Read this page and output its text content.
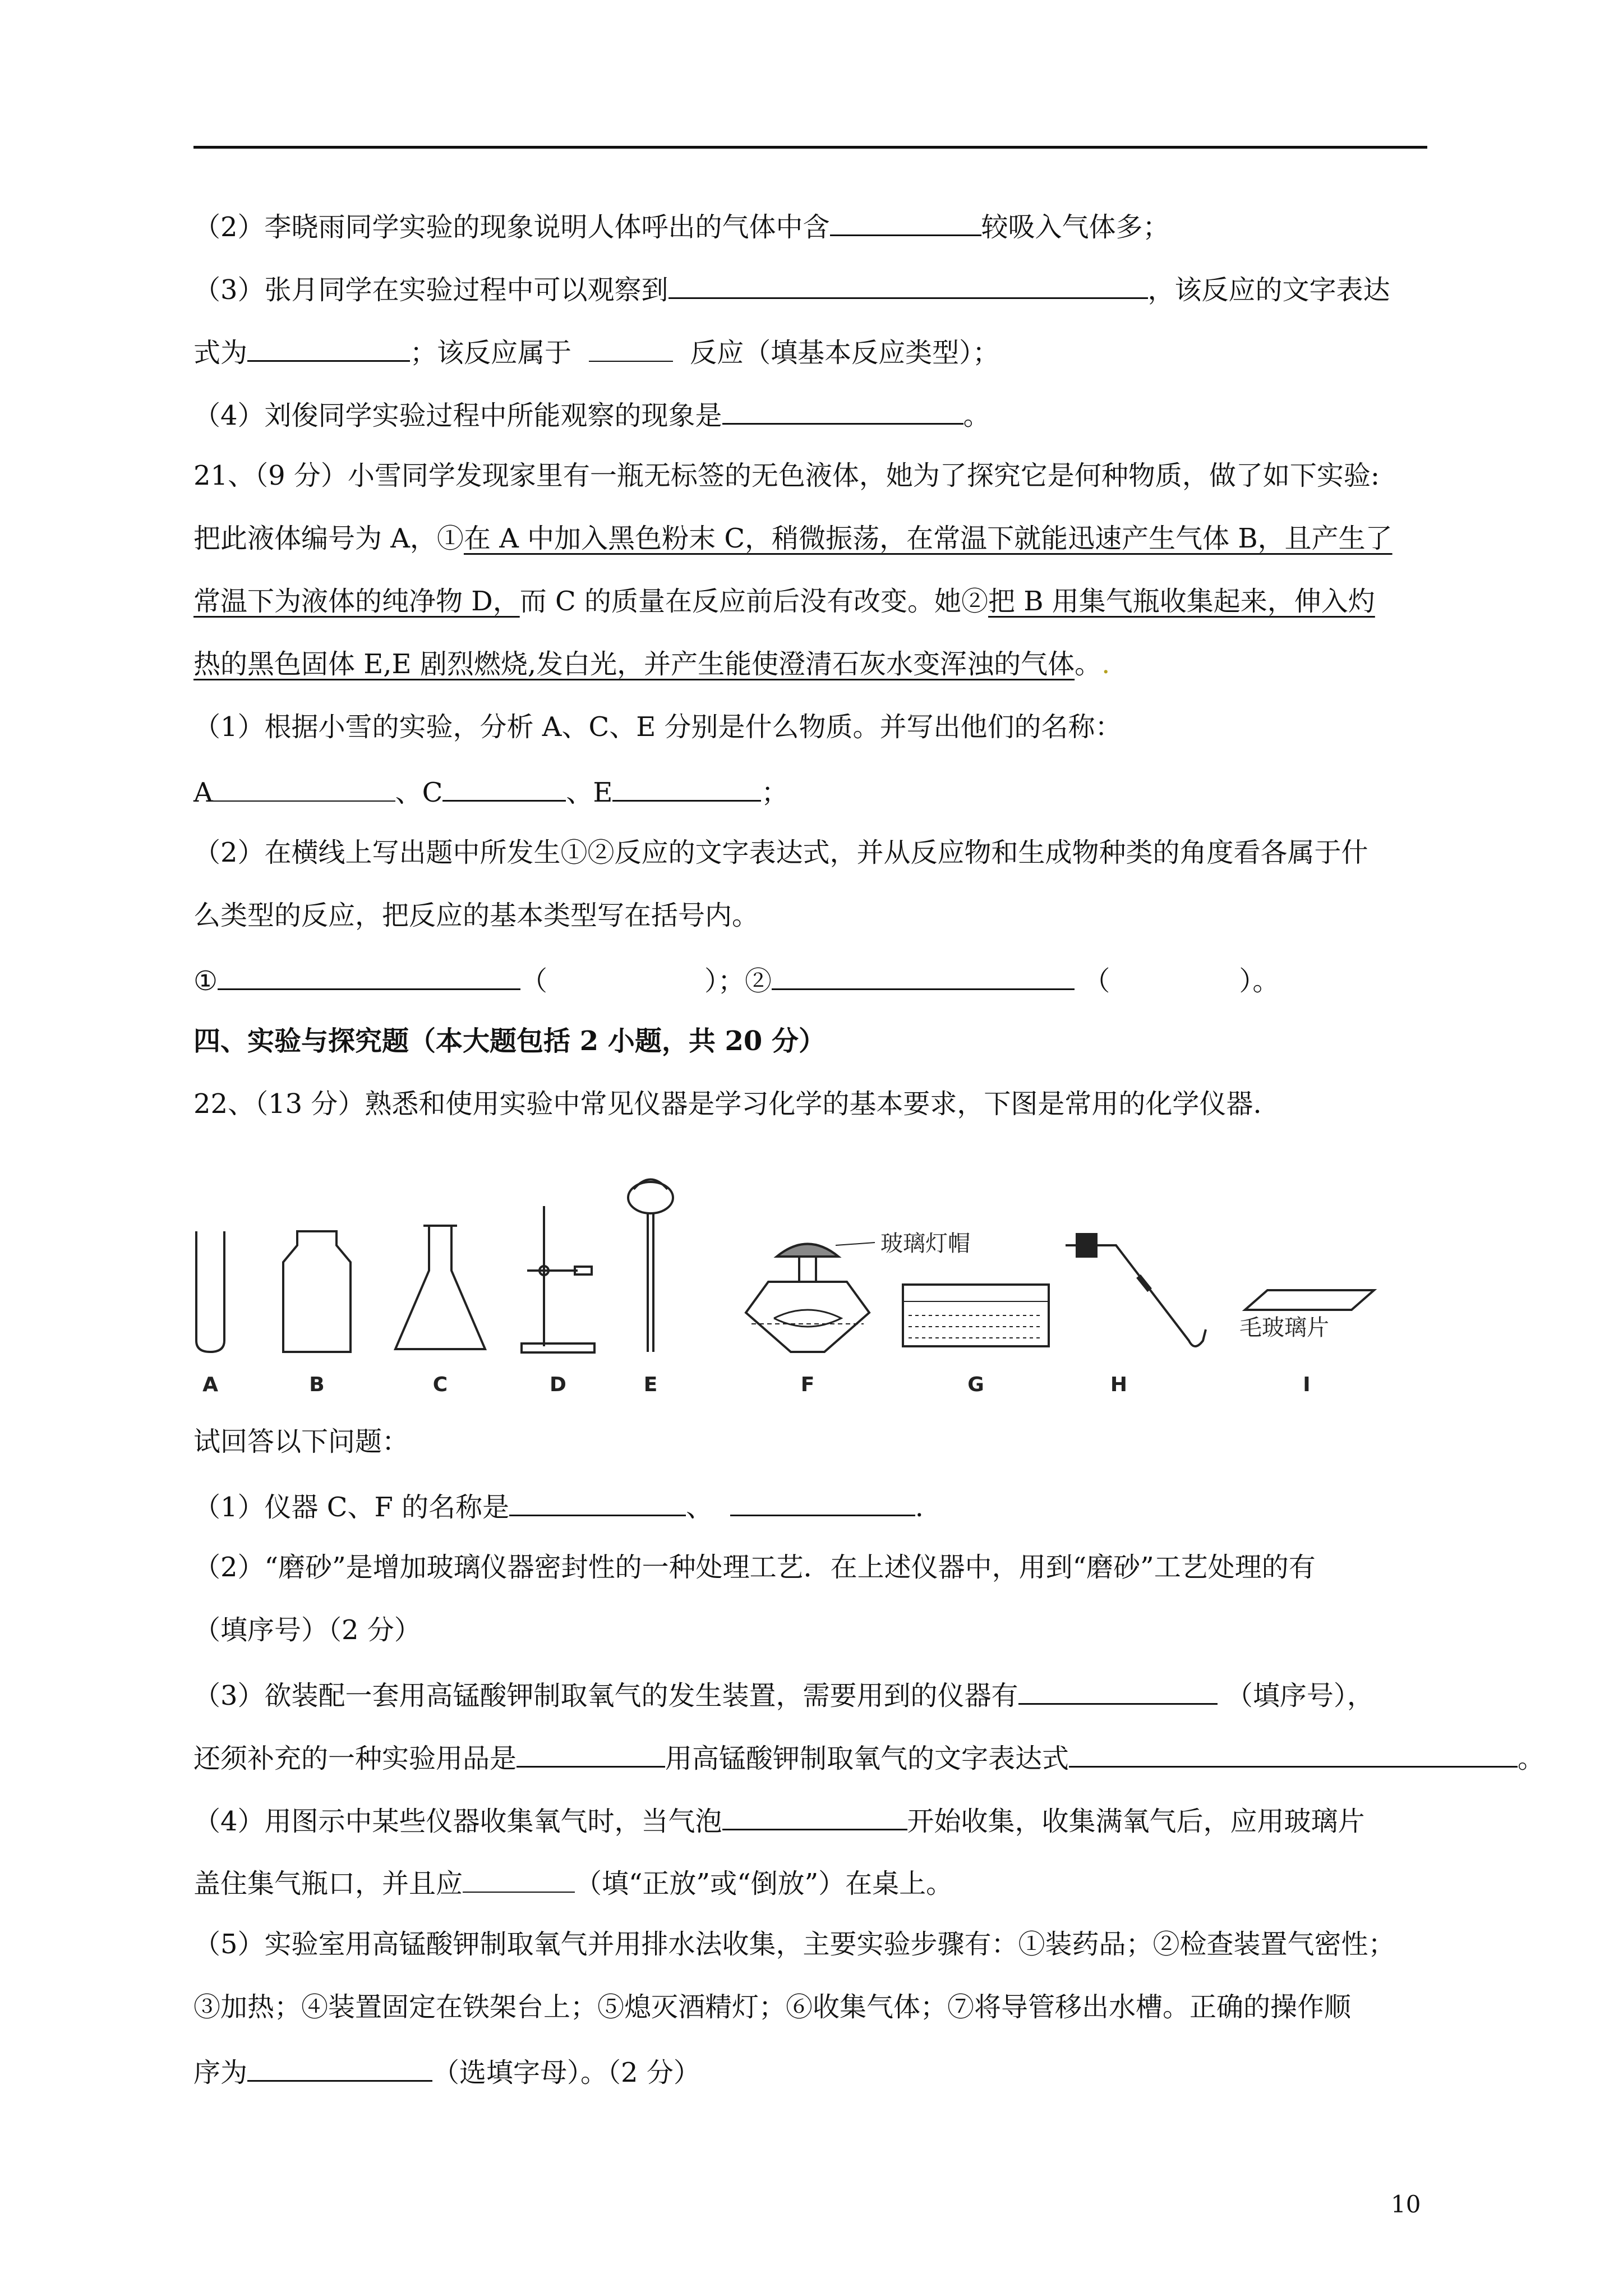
（2）李晓雨同学实验的现象说明人体呼出的气体中含	较吸入气体多；
（3）张月同学在实验过程中可以观察到	，该反应的文字表达
式为	；该反应属于	反应（填基本反应类型）；
（4）刘俊同学实验过程中所能观察的现象是	。
21、（9 分）小雪同学发现家里有一瓶无标签的无色液体，她为了探究它是何种物质，做了如下实验:
把此液体编号为 A，①在 A 中加入黑色粉末 C，稍微振荡，在常温下就能迅速产生气体 B，且产生了
常温下为液体的纯净物 D，而 C 的质量在反应前后没有改变。她②把 B 用集气瓶收集起来，伸入灼
热的黑色固体 E,E 剧烈燃烧,发白光，并产生能使澄清石灰水变浑浊的气体。.
（1）根据小雪的实验，分析 A、C、E 分别是什么物质。并写出他们的名称：
A	、C	、E	；
（2）在横线上写出题中所发生①②反应的文字表达式，并从反应物和生成物种类的角度看各属于什
么类型的反应，把反应的基本类型写在括号内。
①	（	）；②	（	）。
四、实验与探究题（本大题包括 2 小题，共 20 分）
22、（13 分）熟悉和使用实验中常见仪器是学习化学的基本要求，下图是常用的化学仪器.
玻璃灯帽
毛玻璃片
A	B	C	D	E	F	G	H	I
试回答以下问题：
（1）仪器 C、F 的名称是	、	.
（2）“磨砂”是增加玻璃仪器密封性的一种处理工艺．在上述仪器中，用到“磨砂”工艺处理的有
（填序号）（2 分）
（3）欲装配一套用高锰酸钾制取氧气的发生装置，需要用到的仪器有	（填序号），
还须补充的一种实验用品是	用高锰酸钾制取氧气的文字表达式	。
（4）用图示中某些仪器收集氧气时，当气泡	开始收集，收集满氧气后，应用玻璃片
盖住集气瓶口，并且应	（填“正放”或“倒放”）在桌上。
（5）实验室用高锰酸钾制取氧气并用排水法收集，主要实验步骤有：①装药品；②检查装置气密性；
③加热；④装置固定在铁架台上；⑤熄灭酒精灯；⑥收集气体；⑦将导管移出水槽。正确的操作顺
序为	（选填字母）。（2 分）
10
